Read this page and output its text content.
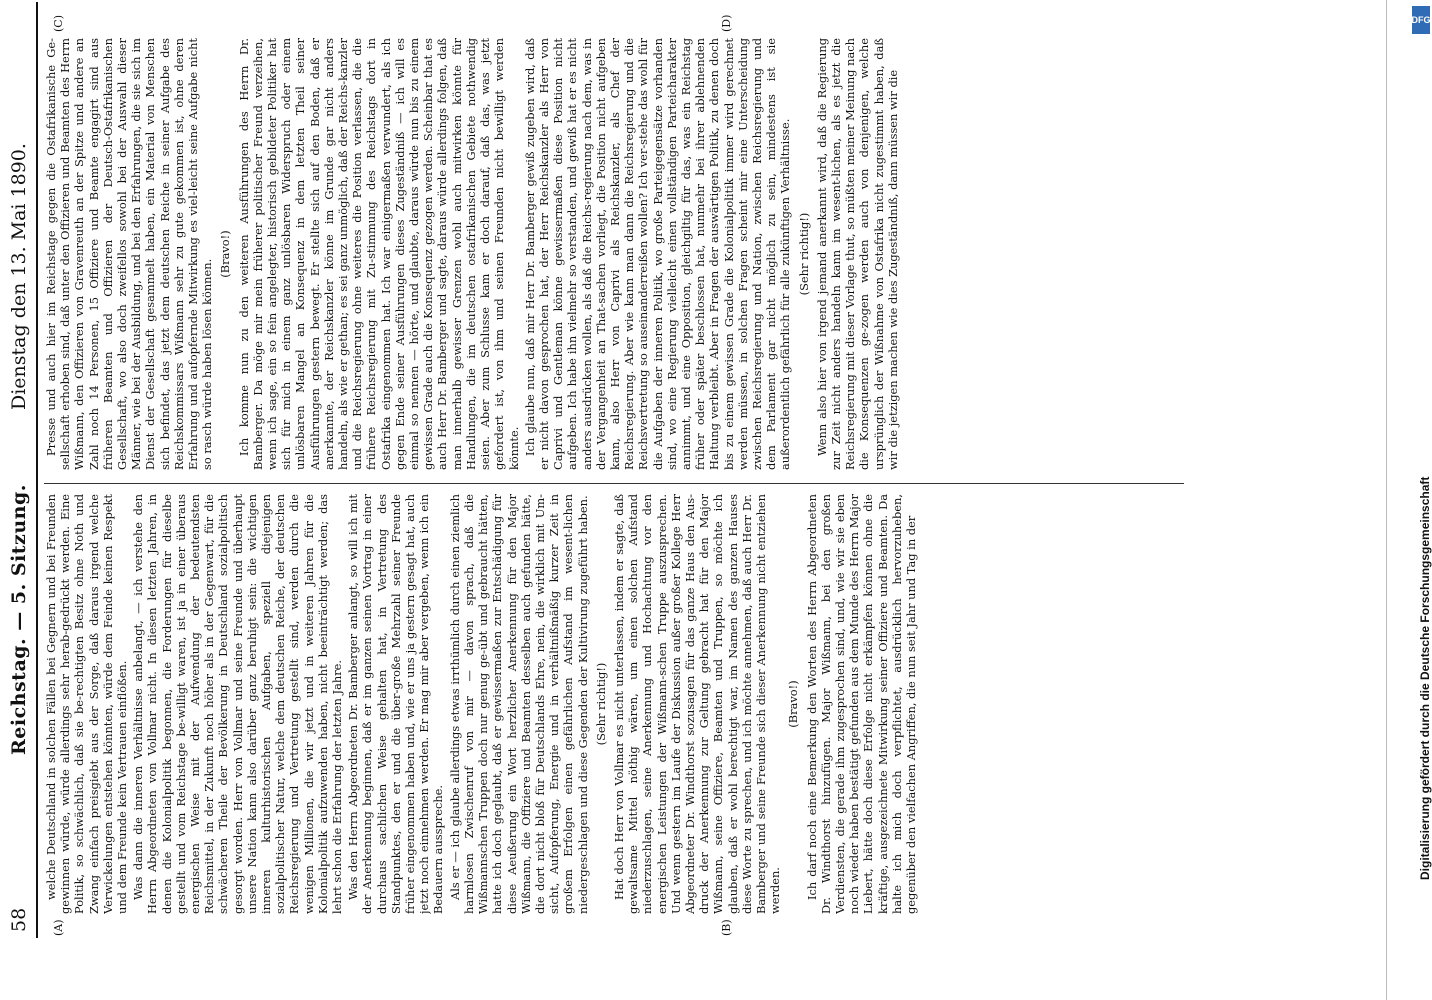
58
Reichstag. — 5. Sitzung.
Dienstag den 13. Mai 1890.
(A)	(B)
(C)	(D)

welche Deutschland in solchen Fällen bei Gegnern und bei Freunden gewinnen würde, würde allerdings sehr herab-gedrückt werden. Eine Politik, so schwächlich, daß sie be-rechtigten Besitz ohne Noth und Zwang einfach preisgiebt aus der Sorge, daß daraus irgend welche Verwickelungen entstehen könnten, würde dem Feinde keinen Respekt und dem Freunde kein Vertrauen einflößen. Was dann die inneren Verhältnisse anbelangt, — ich verstehe den Herrn Abgeordneten von Vollmar nicht. In diesen letzten Jahren, in denen die Kolonialpolitik begonnen, die Forderungen für dieselbe gestellt und vom Reichstage be-willigt waren, ist ja in einer überaus energischen Weise mit der Aufwendung der bedeutendsten Reichsmittel, in der Zukunft noch höher als in der Gegenwart, für die schwächeren Theile der Bevölkerung in Deutschland sozialpolitisch gesorgt worden. Herr von Vollmar und seine Freunde und überhaupt unsere Nation kann also darüber ganz beruhigt sein: die wichtigen inneren kulturhistorischen Aufgaben, speziell diejenigen sozialpolitischer Natur, welche dem deutschen Reiche, der deutschen Reichsregierung und Vertretung gestellt sind, werden durch die wenigen Millionen, die wir jetzt und in weiteren Jahren für die Kolonialpolitik aufzuwenden haben, nicht beeinträchtigt werden; das lehrt schon die Erfahrung der letzten Jahre. Was den Herrn Abgeordneten Dr. Bamberger anlangt, so will ich mit der Anerkennung beginnen, daß er im ganzen seinen Vortrag in einer durchaus sachlichen Weise gehalten hat, in Vertretung des Standpunktes, den er und die über-große Mehrzahl seiner Freunde früher eingenommen haben und, wie er uns ja gestern gesagt hat, auch jetzt noch einnehmen werden. Er mag mir aber vergeben, wenn ich ein Bedauern ausspreche. Als er — ich glaube allerdings etwas irrthümlich durch einen ziemlich harmlosen Zwischenruf von mir — davon sprach, daß die Wißmannschen Truppen doch nur genug ge-übt und gebraucht hätten, hatte ich doch geglaubt, daß er gewissermaßen zur Entschädigung für diese Aeußerung ein Wort herzlicher Anerkennung für den Major Wißmann, die Offiziere und Beamten desselben auch gefunden hätte, die dort nicht bloß für Deutschlands Ehre, nein, die wirklich mit Um-sicht, Aufopferung, Energie und in verhältnißmäßig kurzer Zeit in großem Erfolgen einen gefährlichen Aufstand im wesent-lichen niedergeschlagen und diese Gegenden der Kultivirung zugeführt haben. (Sehr richtig!) Hat doch Herr von Vollmar es nicht unterlassen, indem er sagte, daß gewaltsame Mittel nöthig wären, um einen solchen Aufstand niederzuschlagen, seine Anerkennung und Hochachtung vor den energischen Leistungen der Wißmann-schen Truppe auszusprechen. Und wenn gestern im Laufe der Diskussion außer großer Kollege Herr Abgeordneter Dr. Windthorst sozusagen für das ganze Haus den Aus-druck der Anerkennung zur Geltung gebracht hat für den Major Wißmann, seine Offiziere, Beamten und Truppen, so möchte ich glauben, daß er wohl berechtigt war, im Namen des ganzen Hauses diese Worte zu sprechen, und ich möchte annehmen, daß auch Herr Dr. Bamberger und seine Freunde sich dieser Anerkennung nicht entziehen werden.

(Bravo!) Ich darf noch eine Bemerkung den Worten des Herrn Abgeordneten Dr. Windthorst hinzufügen. Major Wißmann, bei den großen Verdiensten, die gerade ihm zugesprochen sind, und, wie wir sie eben noch wieder haben bestätigt gefunden aus dem Munde des Herrn Major Liebert, hätte doch diese Erfolge nicht erkämpfen können ohne die kräftige, ausgezeichnete Mitwirkung seiner Offiziere und Beamten. Da halte ich mich doch verpflichtet, ausdrücklich hervorzuheben, gegenüber den vielfachen Angriffen, die nun seit Jahr und Tag in der

Presse und auch hier im Reichstage gegen die Ostafrikanische Ge-sellschaft erhoben sind, daß unter den Offizieren und Beamten des Herrn Wißmann, den Offizieren von Gravenreuth an der Spitze und andere an Zahl noch 14 Personen, 15 Offiziere und Beamte engagirt sind aus früheren Beamten und Offizieren der Deutsch-Ostafrikanischen Gesellschaft, wo also doch zweifellos sowohl bei der Auswahl dieser Männer, wie bei der Ausbildung, und bei den Erfahrungen, die sie sich im Dienst der Gesellschaft gesammelt haben, ein Material von Menschen sich befindet, das jetzt dem deutschen Reiche in seiner Aufgabe des Reichskommissars Wißmann sehr zu gute gekommen ist, ohne deren Erfahrung und aufopfernde Mitwirkung es viel-leicht seine Aufgabe nicht so rasch würde haben lösen können.

(Bravo!) Ich komme nun zu den weiteren Ausführungen des Herrn Dr. Bamberger. Da möge mir mein früherer politischer Freund verzeihen, wenn ich sage, ein so fein angelegter, historisch gebildeter Politiker hat sich für mich in einem ganz unlösbaren Widerspruch oder einem unlösbaren Mangel an Konsequenz in dem letzten Theil seiner Ausführungen gestern bewegt. Er stellte sich auf den Boden, daß er anerkannte, der Reichskanzler könne im Grunde gar nicht anders handeln, als wie er gethan; es sei ganz unmöglich, daß der Reichs-kanzler und die Reichsregierung ohne weiteres die Position verlassen, die die frühere Reichsregierung mit Zu-stimmung des Reichstags dort in Ostafrika eingenommen hat. Ich war einigermaßen verwundert, als ich gegen Ende seiner Ausführungen dieses Zugeständniß — ich will es einmal so nennen — hörte, und glaubte, daraus würde nun bis zu einem gewissen Grade auch die Konsequenz gezogen werden. Scheinbar that es auch Herr Dr. Bamberger und sagte, daraus würde allerdings folgen, daß man innerhalb gewisser Grenzen wohl auch mitwirken könnte für Handlungen, die im deutschen ostafrikanischen Gebiete nothwendig seien. Aber zum Schlusse kam er doch darauf, daß das, was jetzt gefordert ist, von ihm und seinen Freunden nicht bewilligt werden könnte. Ich glaube nun, daß mir Herr Dr. Bamberger gewiß zugeben wird, daß er nicht davon gesprochen hat, der Herr Reichskanzler als Herr von Caprivi und Gentleman könne gewissermaßen diese Position nicht aufgeben. Ich habe ihn vielmehr so verstanden, und gewiß hat er es nicht anders ausdrücken wollen, als daß die Reichs-regierung nach dem, was in der Vergangenheit an That-sachen vorliegt, die Position nicht aufgeben kann, also Herr von Caprivi als Reichskanzler, als Chef der Reichsregierung. Aber wie kann man dann die Reichsregierung und die Reichsvertretung so auseinanderreißen wollen? Ich ver-stehe das wohl für die Aufgaben der inneren Politik, wo große Parteigegensätze vorhanden sind, wo eine Regierung vielleicht einen vollständigen Parteicharakter annimmt, und eine Opposition, gleichgiltig für das, was ein Reichstag früher oder später beschlossen hat, nunmehr bei ihrer ablehnenden Haltung verbleibt. Aber in Fragen der auswärtigen Politik, zu denen doch bis zu einem gewissen Grade die Kolonialpolitik immer wird gerechnet werden müssen, in solchen Fragen scheint mir eine Unterscheidung zwischen Reichsregierung und Nation, zwischen Reichsregierung und dem Parlament gar nicht möglich zu sein, mindestens ist sie außerordentlich gefährlich für alle zukünftigen Verhältnisse. (Sehr richtig!) Wenn also hier von irgend jemand anerkannt wird, daß die Regierung zur Zeit nicht anders handeln kann im wesent-lichen, als es jetzt die Reichsregierung mit dieser Vorlage thut, so müßten meiner Meinung nach die Konsequenzen ge-zogen werden auch von denjenigen, welche ursprünglich der Wißnahme von Ostafrika nicht zugestimmt haben, daß wir die jetzigen machen wie dies Zugeständniß, dann müssen wir die

DFG
Digitalisierung gefördert durch die Deutsche Forschungsgemeinschaft
